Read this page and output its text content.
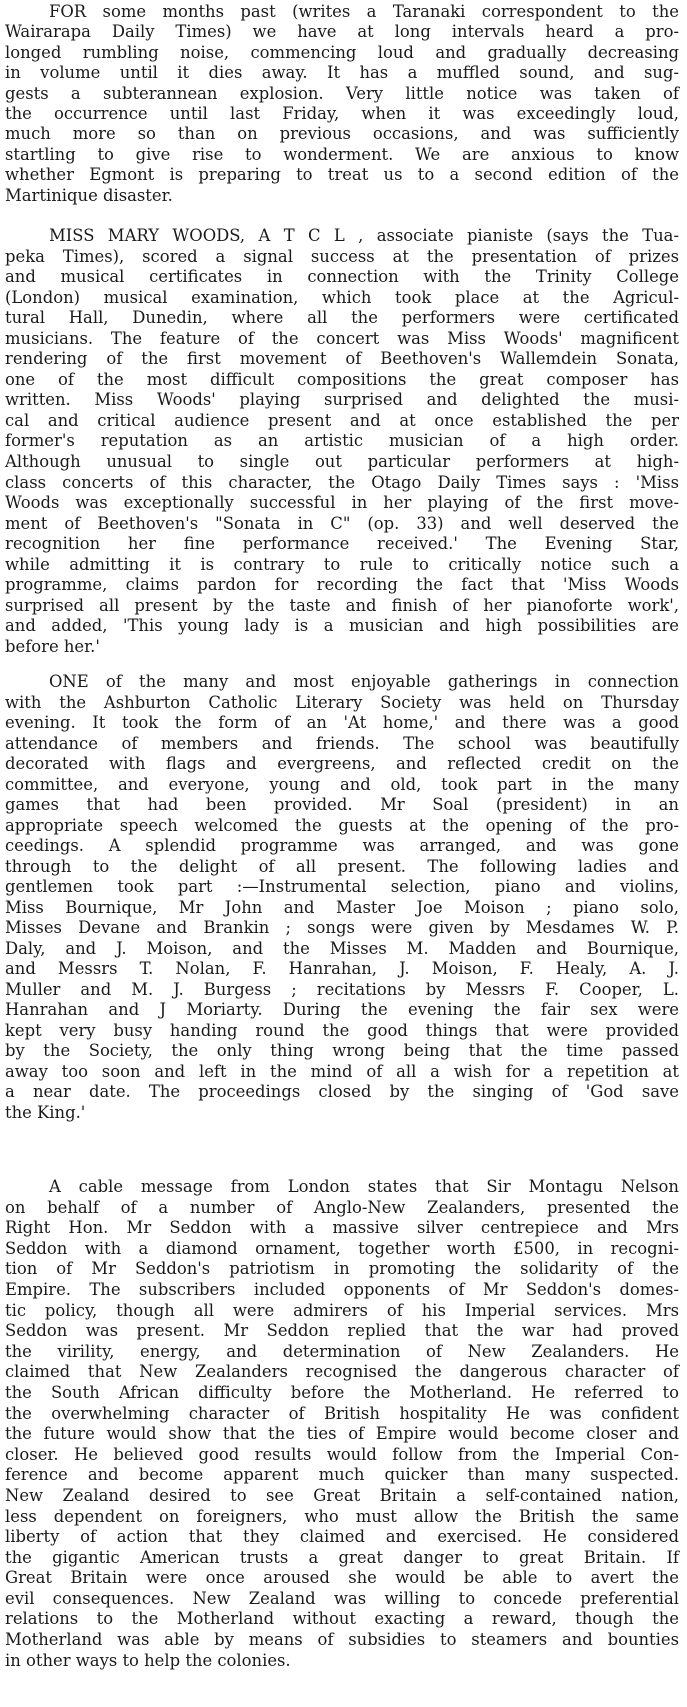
FOR some months past (writes a Taranaki correspondent to the
Wairarapa Daily Times) we have at long intervals heard a pro-
longed rumbling noise, commencing loud and gradually decreasing
in volume until it dies away. It has a muffled sound, and sug-
gests a subterannean explosion. Very little notice was taken of
the occurrence until last Friday, when it was exceedingly loud,
much more so than on previous occasions, and was sufficiently
startling to give rise to wonderment. We are anxious to know
whether Egmont is preparing to treat us to a second edition of the
Martinique disaster.
MISS MARY WOODS, A T C L , associate pianiste (says the Tua-
peka Times), scored a signal success at the presentation of prizes
and musical certificates in connection with the Trinity College
(London) musical examination, which took place at the Agricul-
tural Hall, Dunedin, where all the performers were certificated
musicians. The feature of the concert was Miss Woods' magnificent
rendering of the first movement of Beethoven's Wallemdein Sonata,
one of the most difficult compositions the great composer has
written. Miss Woods' playing surprised and delighted the musi-
cal and critical audience present and at once established the per
former's reputation as an artistic musician of a high order.
Although unusual to single out particular performers at high-
class concerts of this character, the Otago Daily Times says : 'Miss
Woods was exceptionally successful in her playing of the first move-
ment of Beethoven's "Sonata in C" (op. 33) and well deserved the
recognition her fine performance received.' The Evening Star,
while admitting it is contrary to rule to critically notice such a
programme, claims pardon for recording the fact that 'Miss Woods
surprised all present by the taste and finish of her pianoforte work',
and added, 'This young lady is a musician and high possibilities are
before her.'
ONE of the many and most enjoyable gatherings in connection
with the Ashburton Catholic Literary Society was held on Thursday
evening. It took the form of an 'At home,' and there was a good
attendance of members and friends. The school was beautifully
decorated with flags and evergreens, and reflected credit on the
committee, and everyone, young and old, took part in the many
games that had been provided. Mr Soal (president) in an
appropriate speech welcomed the guests at the opening of the pro-
ceedings. A splendid programme was arranged, and was gone
through to the delight of all present. The following ladies and
gentlemen took part :—Instrumental selection, piano and violins,
Miss Bournique, Mr John and Master Joe Moison ; piano solo,
Misses Devane and Brankin ; songs were given by Mesdames W. P.
Daly, and J. Moison, and the Misses M. Madden and Bournique,
and Messrs T. Nolan, F. Hanrahan, J. Moison, F. Healy, A. J.
Muller and M. J. Burgess ; recitations by Messrs F. Cooper, L.
Hanrahan and J Moriarty. During the evening the fair sex were
kept very busy handing round the good things that were provided
by the Society, the only thing wrong being that the time passed
away too soon and left in the mind of all a wish for a repetition at
a near date. The proceedings closed by the singing of 'God save
the King.'
A cable message from London states that Sir Montagu Nelson
on behalf of a number of Anglo-New Zealanders, presented the
Right Hon. Mr Seddon with a massive silver centrepiece and Mrs
Seddon with a diamond ornament, together worth £500, in recogni-
tion of Mr Seddon's patriotism in promoting the solidarity of the
Empire. The subscribers included opponents of Mr Seddon's domes-
tic policy, though all were admirers of his Imperial services. Mrs
Seddon was present. Mr Seddon replied that the war had proved
the virility, energy, and determination of New Zealanders. He
claimed that New Zealanders recognised the dangerous character of
the South African difficulty before the Motherland. He referred to
the overwhelming character of British hospitality He was confident
the future would show that the ties of Empire would become closer and
closer. He believed good results would follow from the Imperial Con-
ference and become apparent much quicker than many suspected.
New Zealand desired to see Great Britain a self-contained nation,
less dependent on foreigners, who must allow the British the same
liberty of action that they claimed and exercised. He considered
the gigantic American trusts a great danger to great Britain. If
Great Britain were once aroused she would be able to avert the
evil consequences. New Zealand was willing to concede preferential
relations to the Motherland without exacting a reward, though the
Motherland was able by means of subsidies to steamers and bounties
in other ways to help the colonies.
